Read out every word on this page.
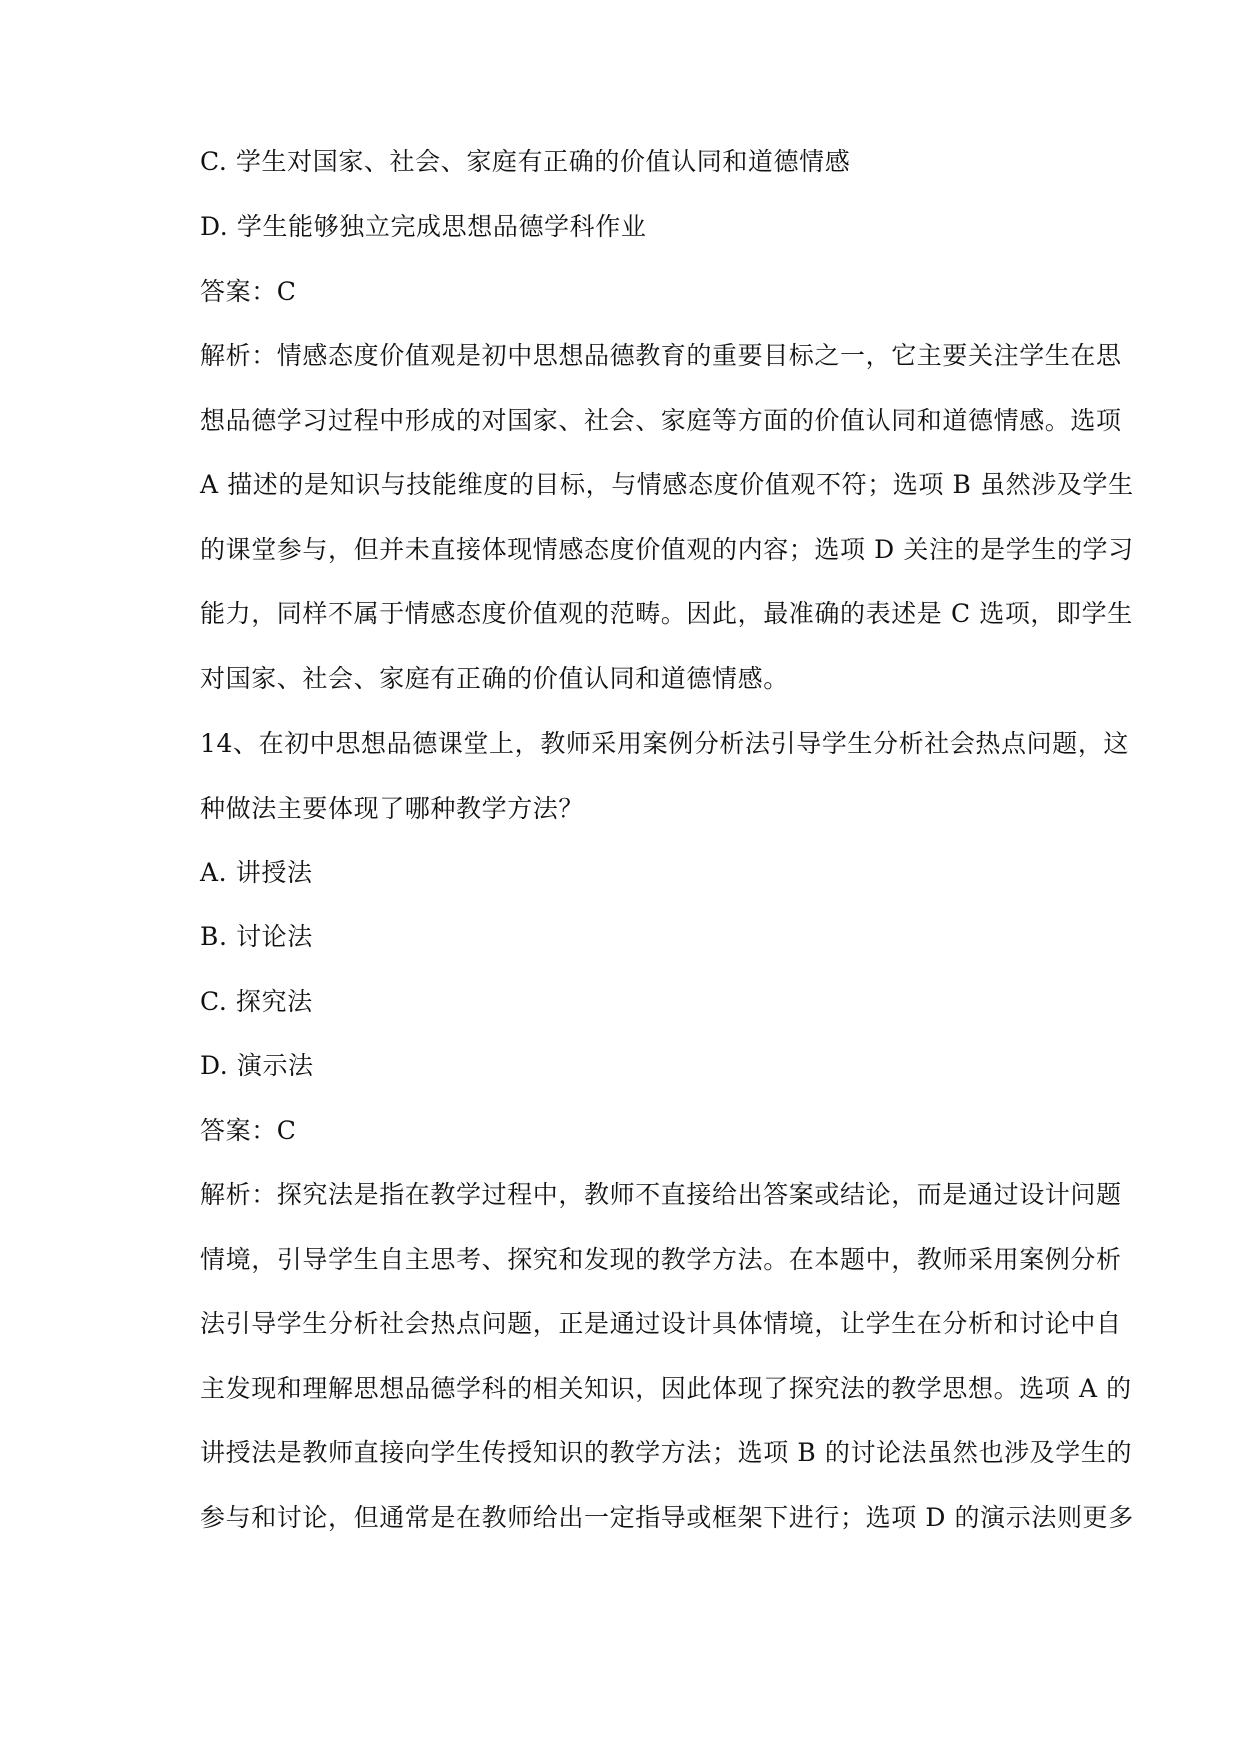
C. 学生对国家、社会、家庭有正确的价值认同和道德情感
D. 学生能够独立完成思想品德学科作业
答案：C
解析：情感态度价值观是初中思想品德教育的重要目标之一，它主要关注学生在思
想品德学习过程中形成的对国家、社会、家庭等方面的价值认同和道德情感。选项
A 描述的是知识与技能维度的目标，与情感态度价值观不符；选项 B 虽然涉及学生
的课堂参与，但并未直接体现情感态度价值观的内容；选项 D 关注的是学生的学习
能力，同样不属于情感态度价值观的范畴。因此，最准确的表述是 C 选项，即学生
对国家、社会、家庭有正确的价值认同和道德情感。
14、在初中思想品德课堂上，教师采用案例分析法引导学生分析社会热点问题，这
种做法主要体现了哪种教学方法？
A. 讲授法
B. 讨论法
C. 探究法
D. 演示法
答案：C
解析：探究法是指在教学过程中，教师不直接给出答案或结论，而是通过设计问题
情境，引导学生自主思考、探究和发现的教学方法。在本题中，教师采用案例分析
法引导学生分析社会热点问题，正是通过设计具体情境，让学生在分析和讨论中自
主发现和理解思想品德学科的相关知识，因此体现了探究法的教学思想。选项 A 的
讲授法是教师直接向学生传授知识的教学方法；选项 B 的讨论法虽然也涉及学生的
参与和讨论，但通常是在教师给出一定指导或框架下进行；选项 D 的演示法则更多
